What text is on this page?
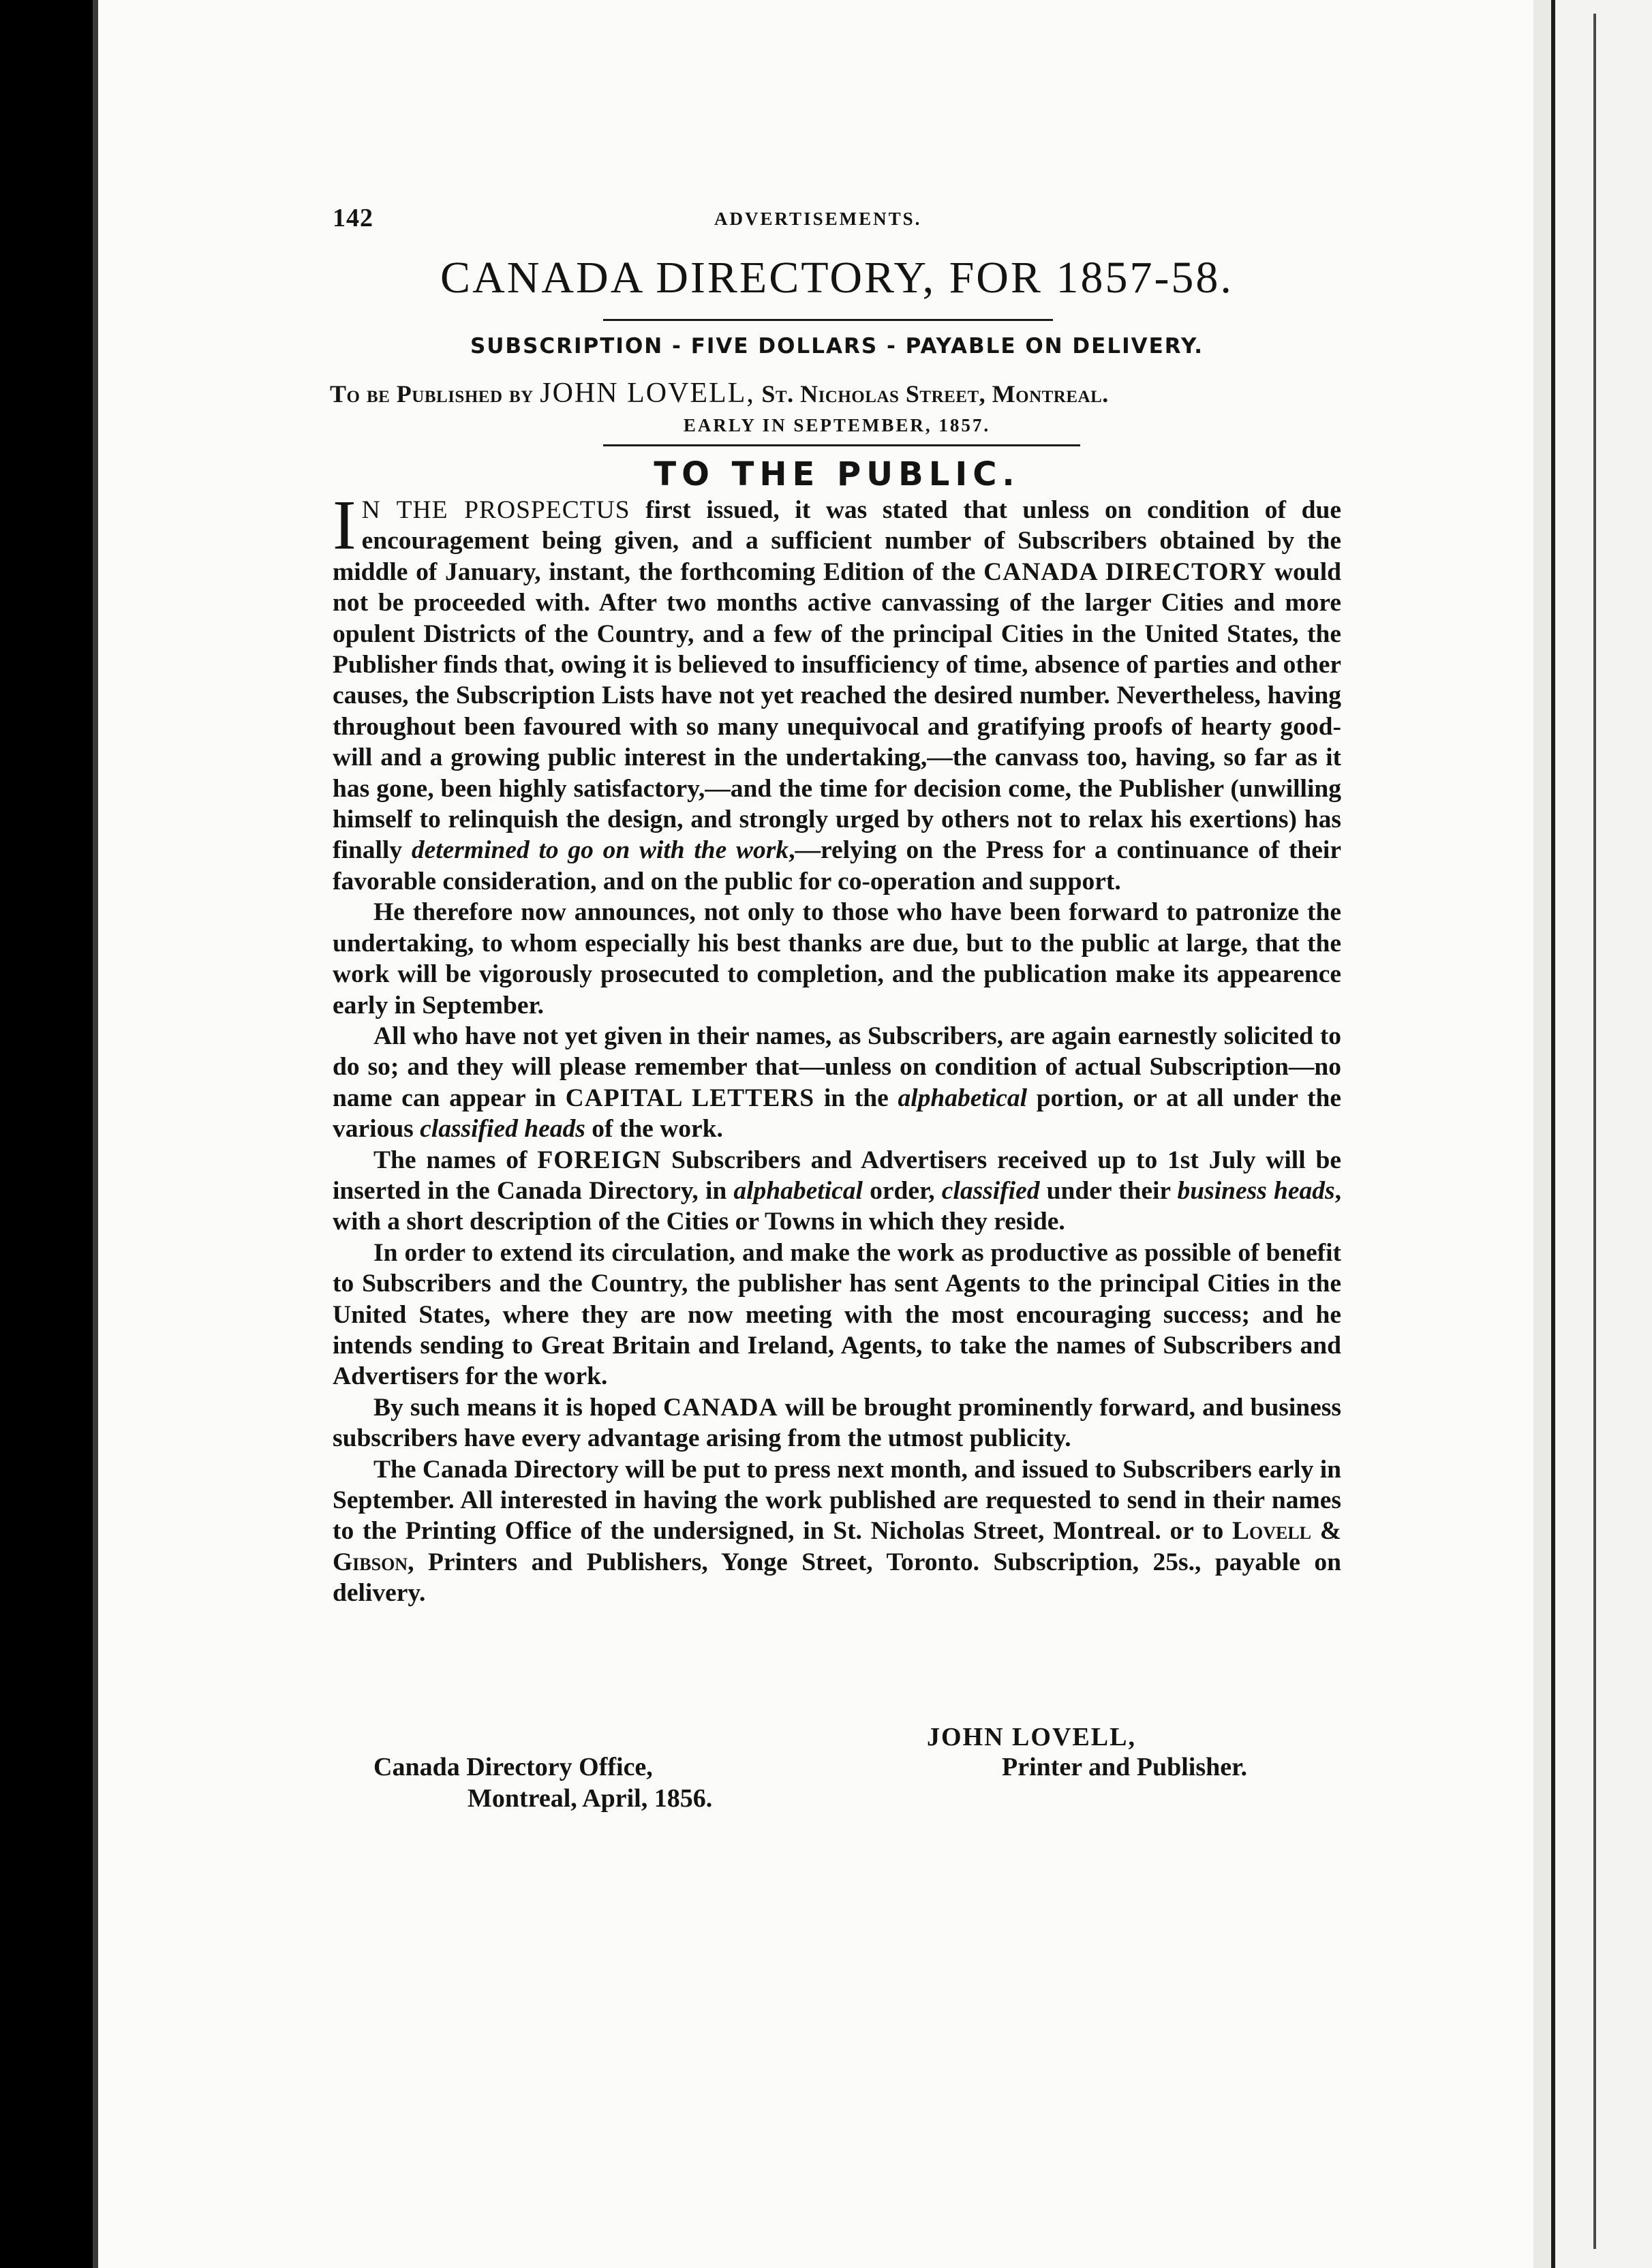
142	ADVERTISEMENTS.
CANADA DIRECTORY, FOR 1857-58.
SUBSCRIPTION - FIVE DOLLARS - PAYABLE ON DELIVERY.
To be Published by JOHN LOVELL, St. Nicholas Street, Montreal.
EARLY IN SEPTEMBER, 1857.
TO THE PUBLIC.

I N THE PROSPECTUS first issued, it was stated that unless on condition of due encouragement being given, and a sufficient number of Subscribers obtained by the middle of January, instant, the forthcoming Edition of the CANADA DIRECTORY would not be proceeded with. After two months active canvassing of the larger Cities and more opulent Districts of the Country, and a few of the principal Cities in the United States, the Publisher finds that, owing it is believed to insufficiency of time, absence of parties and other causes, the Subscription Lists have not yet reached the desired number. Nevertheless, having throughout been favoured with so many unequivocal and gratifying proofs of hearty good-will and a growing public interest in the undertaking,—the canvass too, having, so far as it has gone, been highly satisfactory,—and the time for decision come, the Publisher (unwilling himself to relinquish the design, and strongly urged by others not to relax his exertions) has finally determined to go on with the work,—relying on the Press for a continuance of their favorable consideration, and on the public for co-operation and support.

He therefore now announces, not only to those who have been forward to patronize the undertaking, to whom especially his best thanks are due, but to the public at large, that the work will be vigorously prosecuted to completion, and the publication make its appearence early in September.

All who have not yet given in their names, as Subscribers, are again earnestly solicited to do so; and they will please remember that—unless on condition of actual Subscription—no name can appear in CAPITAL LETTERS in the alphabetical portion, or at all under the various classified heads of the work.

The names of FOREIGN Subscribers and Advertisers received up to 1st July will be inserted in the Canada Directory, in alphabetical order, classified under their business heads, with a short description of the Cities or Towns in which they reside.

In order to extend its circulation, and make the work as productive as possible of benefit to Subscribers and the Country, the publisher has sent Agents to the principal Cities in the United States, where they are now meeting with the most encouraging success; and he intends sending to Great Britain and Ireland, Agents, to take the names of Subscribers and Advertisers for the work.

By such means it is hoped CANADA will be brought prominently forward, and business subscribers have every advantage arising from the utmost publicity.

The Canada Directory will be put to press next month, and issued to Subscribers early in September. All interested in having the work published are requested to send in their names to the Printing Office of the undersigned, in St. Nicholas Street, Montreal. or to Lovell & Gibson, Printers and Publishers, Yonge Street, Toronto. Subscription, 25s., payable on delivery.

JOHN LOVELL,
Canada Directory Office,	Printer and Publisher.
Montreal, April, 1856.
